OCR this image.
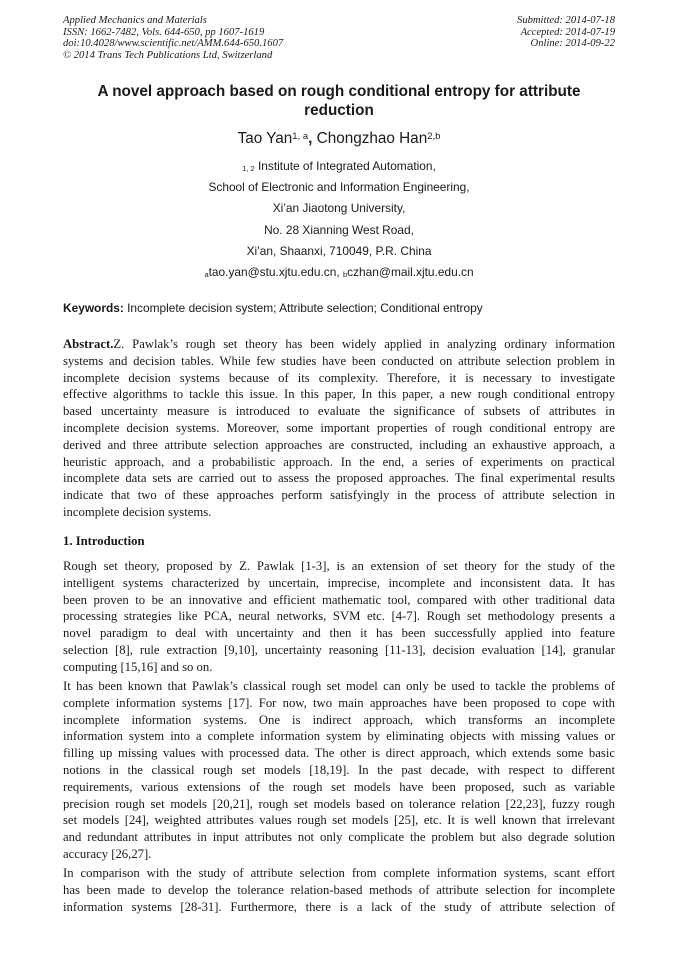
Applied Mechanics and Materials
ISSN: 1662-7482, Vols. 644-650, pp 1607-1619
doi:10.4028/www.scientific.net/AMM.644-650.1607
© 2014 Trans Tech Publications Ltd, Switzerland
Submitted: 2014-07-18
Accepted: 2014-07-19
Online: 2014-09-22
A novel approach based on rough conditional entropy for attribute
reduction
Tao Yan$^{1, a}$, Chongzhao Han$^{2,b}$
$^{1, 2}$ Institute of Integrated Automation,
School of Electronic and Information Engineering,
Xi’an Jiaotong University,
No. 28 Xianning West Road,
Xi’an, Shaanxi, 710049, P.R. China
$^a$tao.yan@stu.xjtu.edu.cn, $^b$czhan@mail.xjtu.edu.cn
Keywords: Incomplete decision system; Attribute selection; Conditional entropy
Abstract.Z. Pawlak’s rough set theory has been widely applied in analyzing ordinary information
systems and decision tables. While few studies have been conducted on attribute selection problem in
incomplete decision systems because of its complexity. Therefore, it is necessary to investigate
effective algorithms to tackle this issue. In this paper, In this paper, a new rough conditional entropy
based uncertainty measure is introduced to evaluate the significance of subsets of attributes in
incomplete decision systems. Moreover, some important properties of rough conditional entropy are
derived and three attribute selection approaches are constructed, including an exhaustive approach, a
heuristic approach, and a probabilistic approach. In the end, a series of experiments on practical
incomplete data sets are carried out to assess the proposed approaches. The final experimental results
indicate that two of these approaches perform satisfyingly in the process of attribute selection in
incomplete decision systems.
1. Introduction
Rough set theory, proposed by Z. Pawlak [1-3], is an extension of set theory for the study of the
intelligent systems characterized by uncertain, imprecise, incomplete and inconsistent data. It has
been proven to be an innovative and efficient mathematic tool, compared with other traditional data
processing strategies like PCA, neural networks, SVM etc. [4-7]. Rough set methodology presents a
novel paradigm to deal with uncertainty and then it has been successfully applied into feature
selection [8], rule extraction [9,10], uncertainty reasoning [11-13], decision evaluation [14], granular
computing [15,16] and so on.
It has been known that Pawlak’s classical rough set model can only be used to tackle the problems of
complete information systems [17]. For now, two main approaches have been proposed to cope with
incomplete information systems. One is indirect approach, which transforms an incomplete
information system into a complete information system by eliminating objects with missing values or
filling up missing values with processed data. The other is direct approach, which extends some basic
notions in the classical rough set models [18,19]. In the past decade, with respect to different
requirements, various extensions of the rough set models have been proposed, such as variable
precision rough set models [20,21], rough set models based on tolerance relation [22,23], fuzzy rough
set models [24], weighted attributes values rough set models [25], etc. It is well known that irrelevant
and redundant attributes in input attributes not only complicate the problem but also degrade solution
accuracy [26,27].
In comparison with the study of attribute selection from complete information systems, scant effort
has been made to develop the tolerance relation-based methods of attribute selection for incomplete
information systems [28-31]. Furthermore, there is a lack of the study of attribute selection of
